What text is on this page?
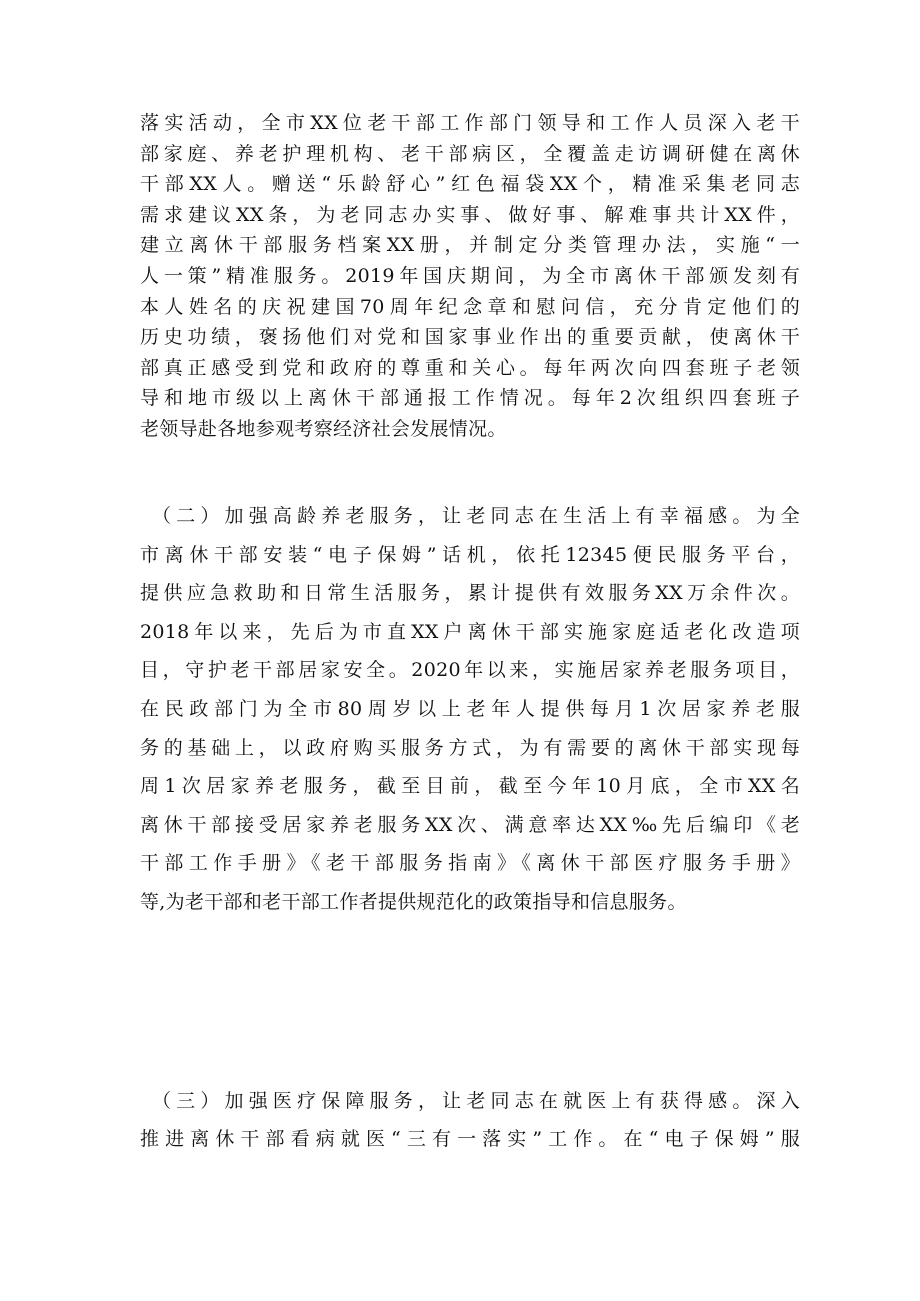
落实活动，全市XX位老干部工作部门领导和工作人员深入老干
部家庭、养老护理机构、老干部病区，全覆盖走访调研健在离休
干部XX人。赠送“乐龄舒心”红色福袋XX个，精准采集老同志
需求建议XX条，为老同志办实事、做好事、解难事共计XX件，
建立离休干部服务档案XX册，并制定分类管理办法，实施“一
人一策”精准服务。2019年国庆期间，为全市离休干部颁发刻有
本人姓名的庆祝建国70周年纪念章和慰问信，充分肯定他们的
历史功绩，褒扬他们对党和国家事业作出的重要贡献，使离休干
部真正感受到党和政府的尊重和关心。每年两次向四套班子老领
导和地市级以上离休干部通报工作情况。每年2次组织四套班子
老领导赴各地参观考察经济社会发展情况。
（二）加强高龄养老服务，让老同志在生活上有幸福感。为全
市离休干部安装“电子保姆”话机，依托12345便民服务平台，
提供应急救助和日常生活服务，累计提供有效服务XX万余件次。
2018年以来，先后为市直XX户离休干部实施家庭适老化改造项
目，守护老干部居家安全。2020年以来，实施居家养老服务项目，
在民政部门为全市80周岁以上老年人提供每月1次居家养老服
务的基础上，以政府购买服务方式，为有需要的离休干部实现每
周1次居家养老服务，截至目前，截至今年10月底，全市XX名
离休干部接受居家养老服务XX次、满意率达XX‰先后编印《老
干部工作手册》《老干部服务指南》《离休干部医疗服务手册》
等,为老干部和老干部工作者提供规范化的政策指导和信息服务。
（三）加强医疗保障服务，让老同志在就医上有获得感。深入
推进离休干部看病就医“三有一落实”工作。在“电子保姆”服
